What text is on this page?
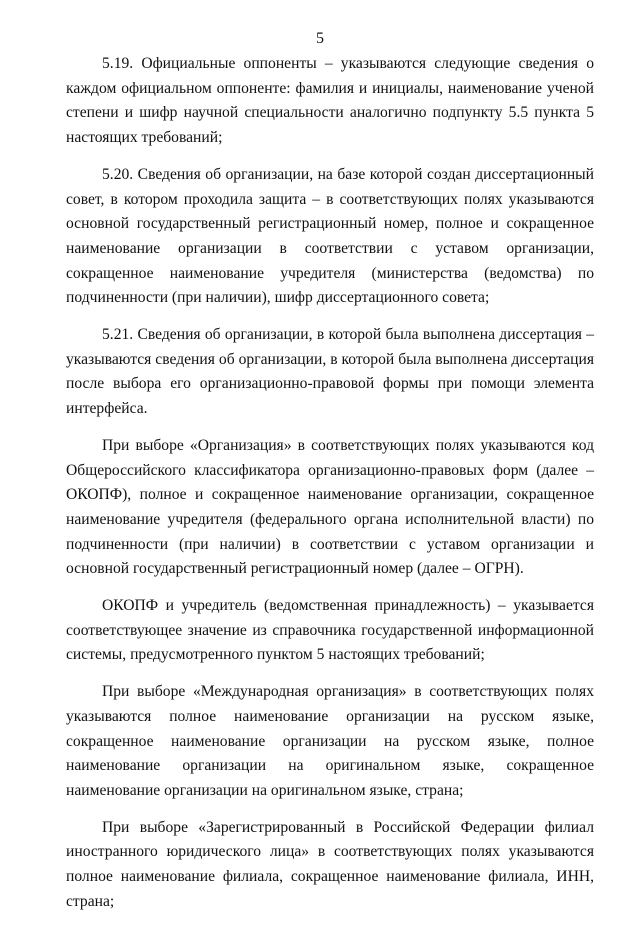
5

5.19. Официальные оппоненты – указываются следующие сведения о каждом официальном оппоненте: фамилия и инициалы, наименование ученой степени и шифр научной специальности аналогично подпункту 5.5 пункта 5 настоящих требований;

5.20. Сведения об организации, на базе которой создан диссертационный совет, в котором проходила защита – в соответствующих полях указываются основной государственный регистрационный номер, полное и сокращенное наименование организации в соответствии с уставом организации, сокращенное наименование учредителя (министерства (ведомства) по подчиненности (при наличии), шифр диссертационного совета;

5.21. Сведения об организации, в которой была выполнена диссертация – указываются сведения об организации, в которой была выполнена диссертация после выбора его организационно-правовой формы при помощи элемента интерфейса.

При выборе «Организация» в соответствующих полях указываются код Общероссийского классификатора организационно-правовых форм (далее – ОКОПФ), полное и сокращенное наименование организации, сокращенное наименование учредителя (федерального органа исполнительной власти) по подчиненности (при наличии) в соответствии с уставом организации и основной государственный регистрационный номер (далее – ОГРН).

ОКОПФ и учредитель (ведомственная принадлежность) – указывается соответствующее значение из справочника государственной информационной системы, предусмотренного пунктом 5 настоящих требований;

При выборе «Международная организация» в соответствующих полях указываются полное наименование организации на русском языке, сокращенное наименование организации на русском языке, полное наименование организации на оригинальном языке, сокращенное наименование организации на оригинальном языке, страна;

При выборе «Зарегистрированный в Российской Федерации филиал иностранного юридического лица» в соответствующих полях указываются полное наименование филиала, сокращенное наименование филиала, ИНН, страна;
